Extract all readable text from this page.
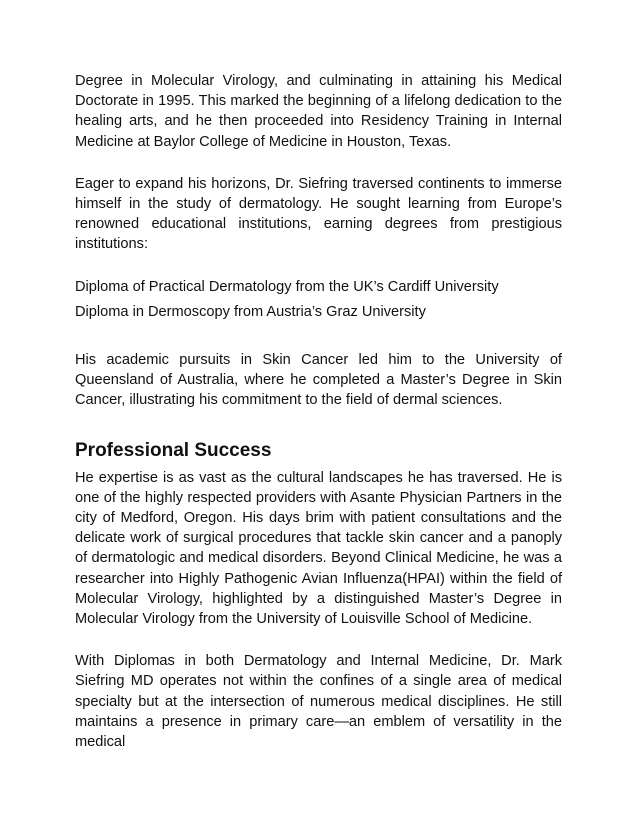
Degree in Molecular Virology, and culminating in attaining his Medical Doctorate in 1995. This marked the beginning of a lifelong dedication to the healing arts, and he then proceeded into Residency Training in Internal Medicine at Baylor College of Medicine in Houston, Texas.

Eager to expand his horizons, Dr. Siefring traversed continents to immerse himself in the study of dermatology. He sought learning from Europe’s renowned educational institutions, earning degrees from prestigious institutions:

Diploma of Practical Dermatology from the UK’s Cardiff University

Diploma in Dermoscopy from Austria’s Graz University

His academic pursuits in Skin Cancer led him to the University of Queensland of Australia, where he completed a Master’s Degree in Skin Cancer, illustrating his commitment to the field of dermal sciences.

Professional Success

He expertise is as vast as the cultural landscapes he has traversed. He is one of the highly respected providers with Asante Physician Partners in the city of Medford, Oregon. His days brim with patient consultations and the delicate work of surgical procedures that tackle skin cancer and a panoply of dermatologic and medical disorders. Beyond Clinical Medicine, he was a researcher into Highly Pathogenic Avian Influenza(HPAI) within the field of Molecular Virology, highlighted by a distinguished Master’s Degree in Molecular Virology from the University of Louisville School of Medicine.

With Diplomas in both Dermatology and Internal Medicine, Dr. Mark Siefring MD operates not within the confines of a single area of medical specialty but at the intersection of numerous medical disciplines. He still maintains a presence in primary care—an emblem of versatility in the medical
